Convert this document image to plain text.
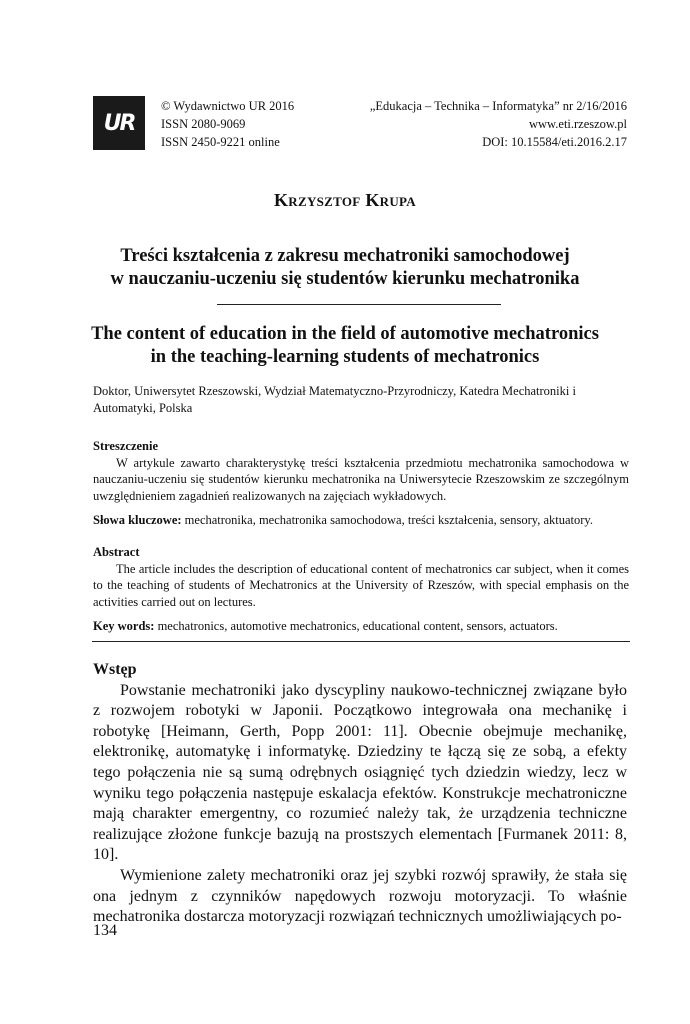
UR
© Wydawnictwo UR 2016
ISSN 2080-9069
ISSN 2450-9221 online
„Edukacja – Technika – Informatyka” nr 2/16/2016
www.eti.rzeszow.pl
DOI: 10.15584/eti.2016.2.17
Krzysztof Krupa
Treści kształcenia z zakresu mechatroniki samochodowej
w nauczaniu-uczeniu się studentów kierunku mechatronika
The content of education in the field of automotive mechatronics
in the teaching-learning students of mechatronics
Doktor, Uniwersytet Rzeszowski, Wydział Matematyczno-Przyrodniczy, Katedra Mechatroniki i Automatyki, Polska
Streszczenie

W artykule zawarto charakterystykę treści kształcenia przedmiotu mechatronika samochodowa w nauczaniu-uczeniu się studentów kierunku mechatronika na Uniwersytecie Rzeszowskim ze szczególnym uwzględnieniem zagadnień realizowanych na zajęciach wykładowych.

Słowa kluczowe: mechatronika, mechatronika samochodowa, treści kształcenia, sensory, aktuatory.
Abstract

The article includes the description of educational content of mechatronics car subject, when it comes to the teaching of students of Mechatronics at the University of Rzeszów, with special emphasis on the activities carried out on lectures.

Key words: mechatronics, automotive mechatronics, educational content, sensors, actuators.
Wstęp

Powstanie mechatroniki jako dyscypliny naukowo-technicznej związane było z rozwojem robotyki w Japonii. Początkowo integrowała ona mechanikę i robotykę [Heimann, Gerth, Popp 2001: 11]. Obecnie obejmuje mechanikę, elektronikę, automatykę i informatykę. Dziedziny te łączą się ze sobą, a efekty tego połączenia nie są sumą odrębnych osiągnięć tych dziedzin wiedzy, lecz w wyniku tego połączenia następuje eskalacja efektów. Konstrukcje mechatroniczne mają charakter emergentny, co rozumieć należy tak, że urządzenia techniczne realizujące złożone funkcje bazują na prostszych elementach [Furmanek 2011: 8, 10].

Wymienione zalety mechatroniki oraz jej szybki rozwój sprawiły, że stała się ona jednym z czynników napędowych rozwoju motoryzacji. To właśnie mechatronika dostarcza motoryzacji rozwiązań technicznych umożliwiających po-

134
